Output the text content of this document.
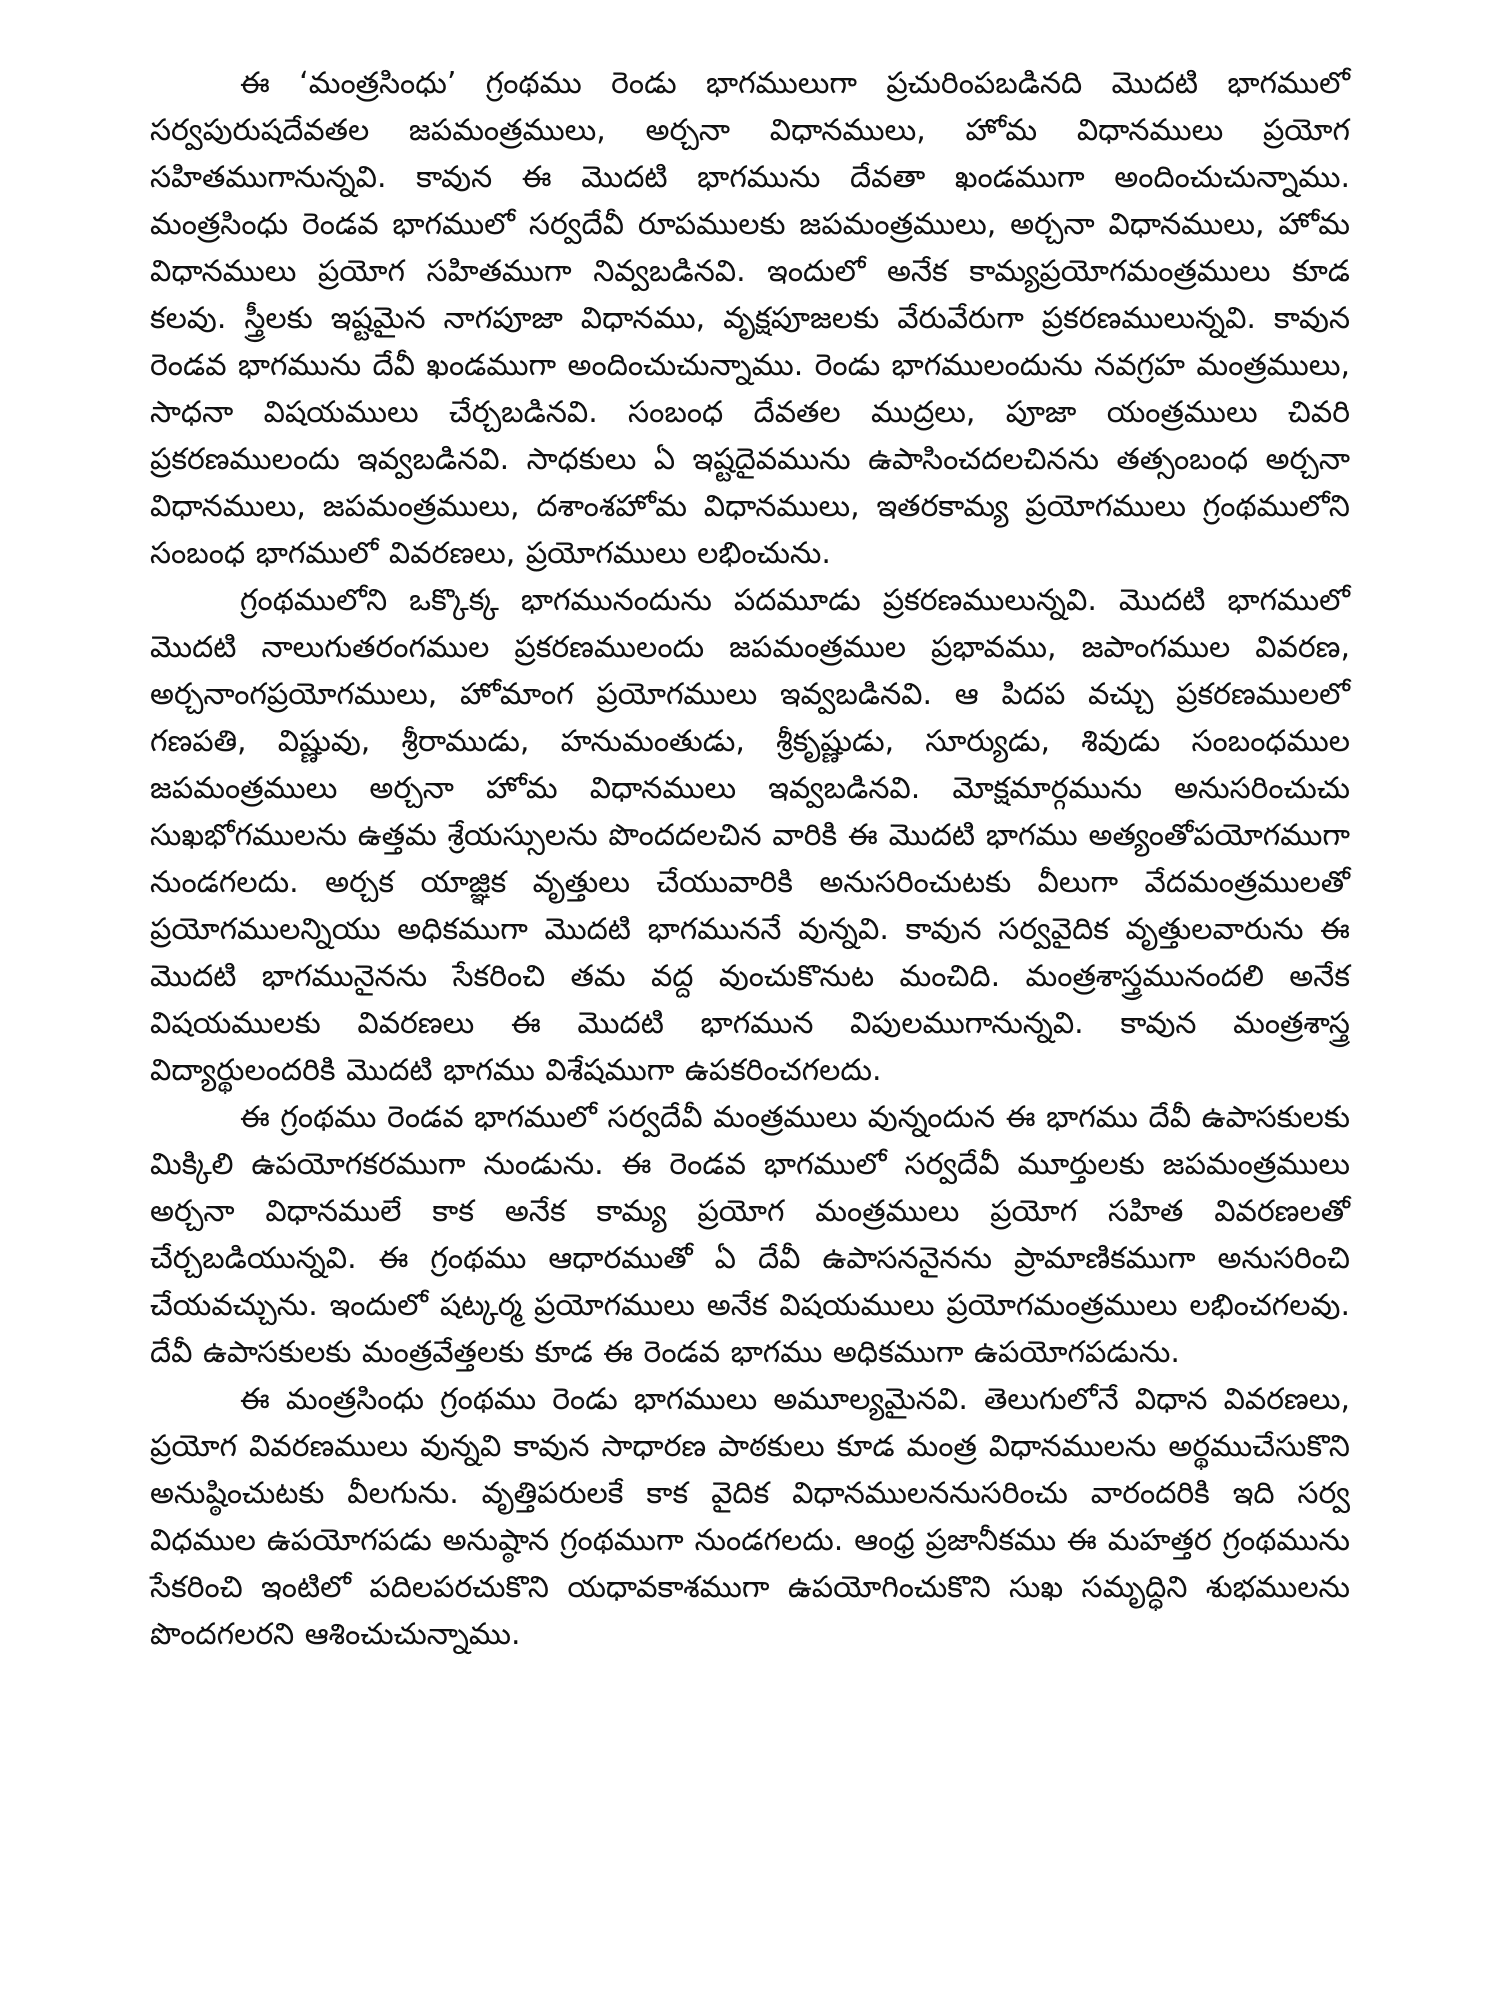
ఈ ‘మంత్రసింధు’ గ్రంథము రెండు భాగములుగా ప్రచురింపబడినది మొదటి భాగములో సర్వపురుషదేవతల జపమంత్రములు, అర్చనా విధానములు, హోమ విధానములు ప్రయోగ సహితముగానున్నవి. కావున ఈ మొదటి భాగమును దేవతా ఖండముగా అందించుచున్నాము. మంత్రసింధు రెండవ భాగములో సర్వదేవీ రూపములకు జపమంత్రములు, అర్చనా విధానములు, హోమ విధానములు ప్రయోగ సహితముగా నివ్వబడినవి. ఇందులో అనేక కామ్యప్రయోగమంత్రములు కూడ కలవు. స్త్రీలకు ఇష్టమైన నాగపూజా విధానము, వృక్షపూజలకు వేరువేరుగా ప్రకరణములున్నవి. కావున రెండవ భాగమును దేవీ ఖండముగా అందించుచున్నాము. రెండు భాగములందును నవగ్రహ మంత్రములు, సాధనా విషయములు చేర్చబడినవి. సంబంధ దేవతల ముద్రలు, పూజా యంత్రములు చివరి ప్రకరణములందు ఇవ్వబడినవి. సాధకులు ఏ ఇష్టదైవమును ఉపాసించదలచినను తత్సంబంధ అర్చనా విధానములు, జపమంత్రములు, దశాంశహోమ విధానములు, ఇతరకామ్య ప్రయోగములు గ్రంథములోని సంబంధ భాగములో వివరణలు, ప్రయోగములు లభించును.

గ్రంథములోని ఒక్కొక్క భాగమునందును పదమూడు ప్రకరణములున్నవి. మొదటి భాగములో మొదటి నాలుగుతరంగముల ప్రకరణములందు జపమంత్రముల ప్రభావము, జపాంగముల వివరణ, అర్చనాంగప్రయోగములు, హోమాంగ ప్రయోగములు ఇవ్వబడినవి. ఆ పిదప వచ్చు ప్రకరణములలో గణపతి, విష్ణువు, శ్రీరాముడు, హనుమంతుడు, శ్రీకృష్ణుడు, సూర్యుడు, శివుడు సంబంధముల జపమంత్రములు అర్చనా హోమ విధానములు ఇవ్వబడినవి. మోక్షమార్గమును అనుసరించుచు సుఖభోగములను ఉత్తమ శ్రేయస్సులను పొందదలచిన వారికి ఈ మొదటి భాగము అత్యంతోపయోగముగా నుండగలదు. అర్చక యాజ్ఞిక వృత్తులు చేయువారికి అనుసరించుటకు వీలుగా వేదమంత్రములతో ప్రయోగములన్నియు అధికముగా మొదటి భాగముననే వున్నవి. కావున సర్వవైదిక వృత్తులవారును ఈ మొదటి భాగమునైనను సేకరించి తమ వద్ద వుంచుకొనుట మంచిది. మంత్రశాస్త్రమునందలి అనేక విషయములకు వివరణలు ఈ మొదటి భాగమున విపులముగానున్నవి. కావున మంత్రశాస్త్ర విద్యార్థులందరికి మొదటి భాగము విశేషముగా ఉపకరించగలదు.

ఈ గ్రంథము రెండవ భాగములో సర్వదేవీ మంత్రములు వున్నందున ఈ భాగము దేవీ ఉపాసకులకు మిక్కిలి ఉపయోగకరముగా నుండును. ఈ రెండవ భాగములో సర్వదేవీ మూర్తులకు జపమంత్రములు అర్చనా విధానములే కాక అనేక కామ్య ప్రయోగ మంత్రములు ప్రయోగ సహిత వివరణలతో చేర్చబడియున్నవి. ఈ గ్రంథము ఆధారముతో ఏ దేవీ ఉపాసననైనను ప్రామాణికముగా అనుసరించి చేయవచ్చును. ఇందులో షట్కర్మ ప్రయోగములు అనేక విషయములు ప్రయోగమంత్రములు లభించగలవు. దేవీ ఉపాసకులకు మంత్రవేత్తలకు కూడ ఈ రెండవ భాగము అధికముగా ఉపయోగపడును.

ఈ మంత్రసింధు గ్రంథము రెండు భాగములు అమూల్యమైనవి. తెలుగులోనే విధాన వివరణలు, ప్రయోగ వివరణములు వున్నవి కావున సాధారణ పాఠకులు కూడ మంత్ర విధానములను అర్థముచేసుకొని అనుష్ఠించుటకు వీలగును. వృత్తిపరులకే కాక వైదిక విధానములననుసరించు వారందరికి ఇది సర్వ విధముల ఉపయోగపడు అనుష్ఠాన గ్రంథముగా నుండగలదు. ఆంధ్ర ప్రజానీకము ఈ మహత్తర గ్రంథమును సేకరించి ఇంటిలో పదిలపరచుకొని యధావకాశముగా ఉపయోగించుకొని సుఖ సమృద్ధిని శుభములను పొందగలరని ఆశించుచున్నాము.
